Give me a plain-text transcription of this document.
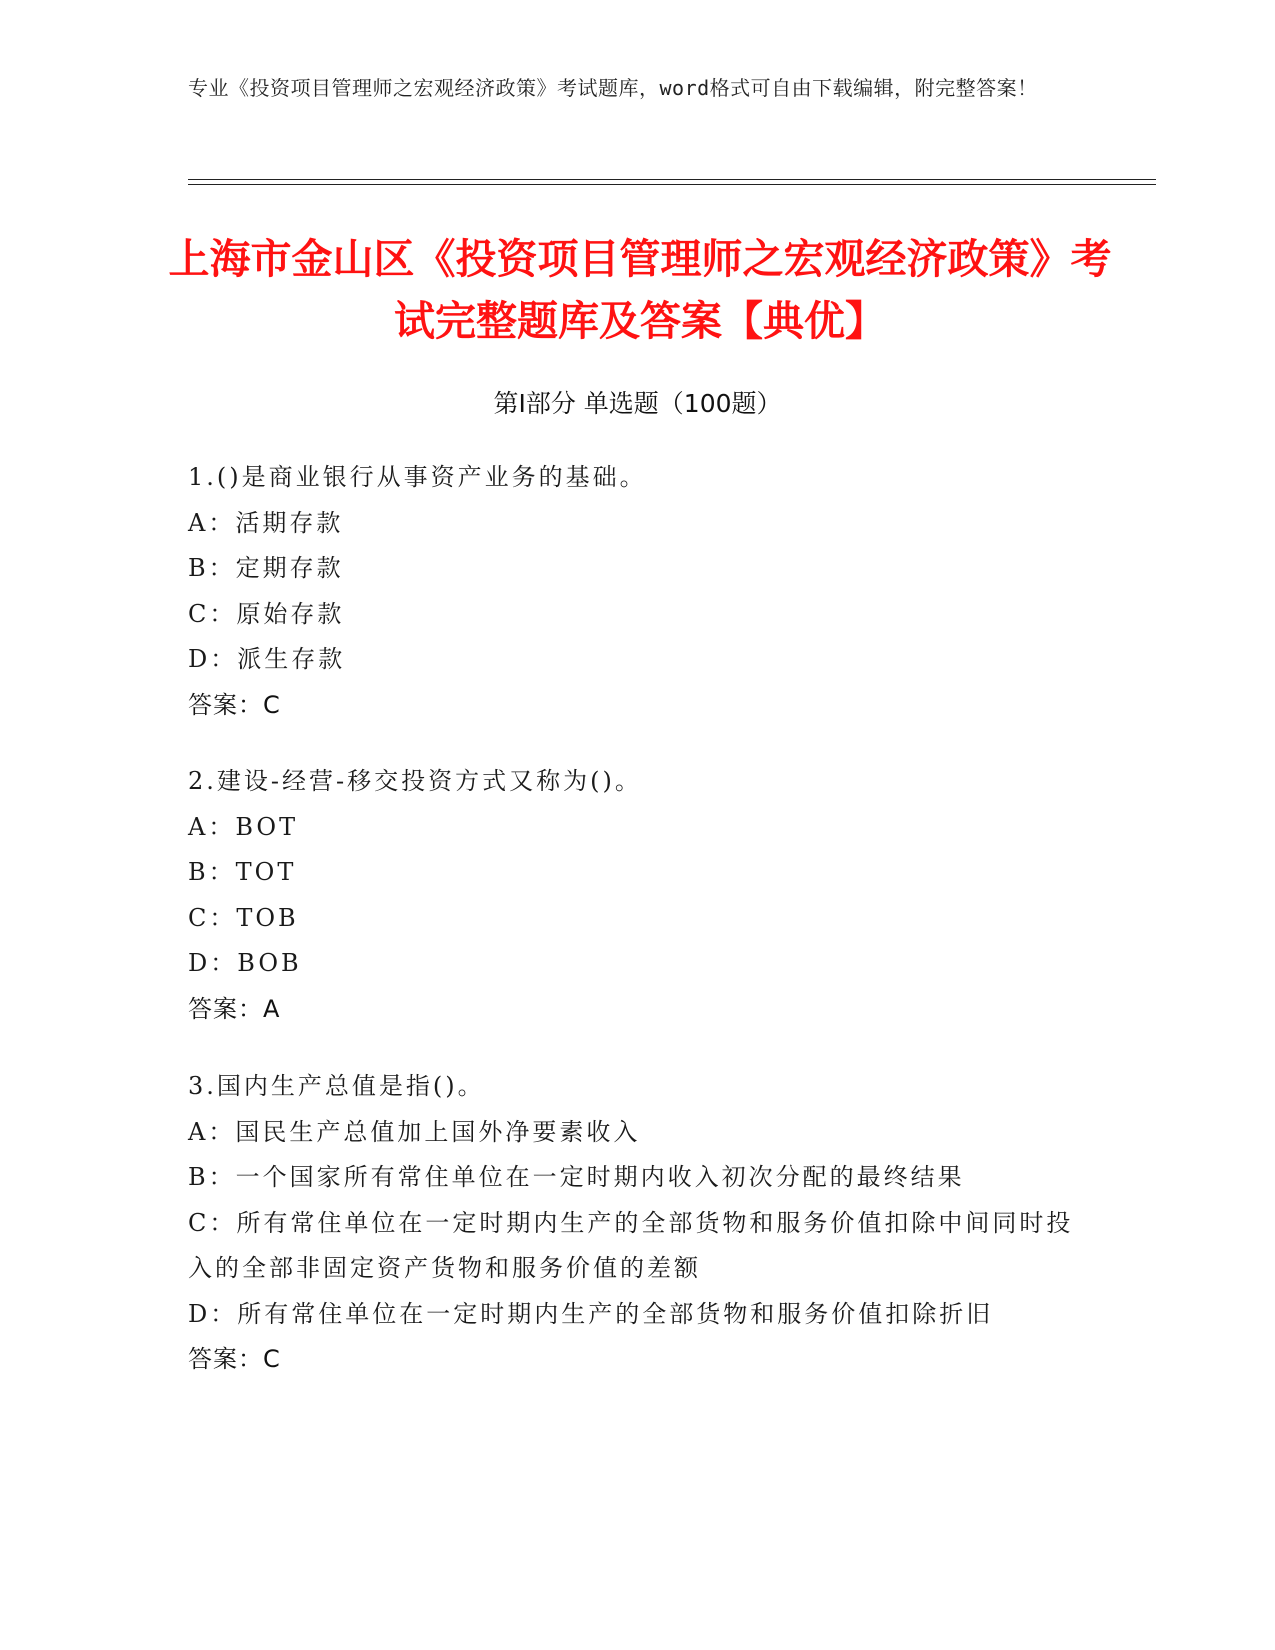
专业《投资项目管理师之宏观经济政策》考试题库，word格式可自由下载编辑，附完整答案！
上海市金山区《投资项目管理师之宏观经济政策》考试完整题库及答案【典优】
第Ⅰ部分 单选题（100题）
1.()是商业银行从事资产业务的基础。
A：活期存款
B：定期存款
C：原始存款
D：派生存款
答案：C
2.建设-经营-移交投资方式又称为()。
A：BOT
B：TOT
C：TOB
D：BOB
答案：A
3.国内生产总值是指()。
A：国民生产总值加上国外净要素收入
B：一个国家所有常住单位在一定时期内收入初次分配的最终结果
C：所有常住单位在一定时期内生产的全部货物和服务价值扣除中间同时投入的全部非固定资产货物和服务价值的差额
D：所有常住单位在一定时期内生产的全部货物和服务价值扣除折旧
答案：C
